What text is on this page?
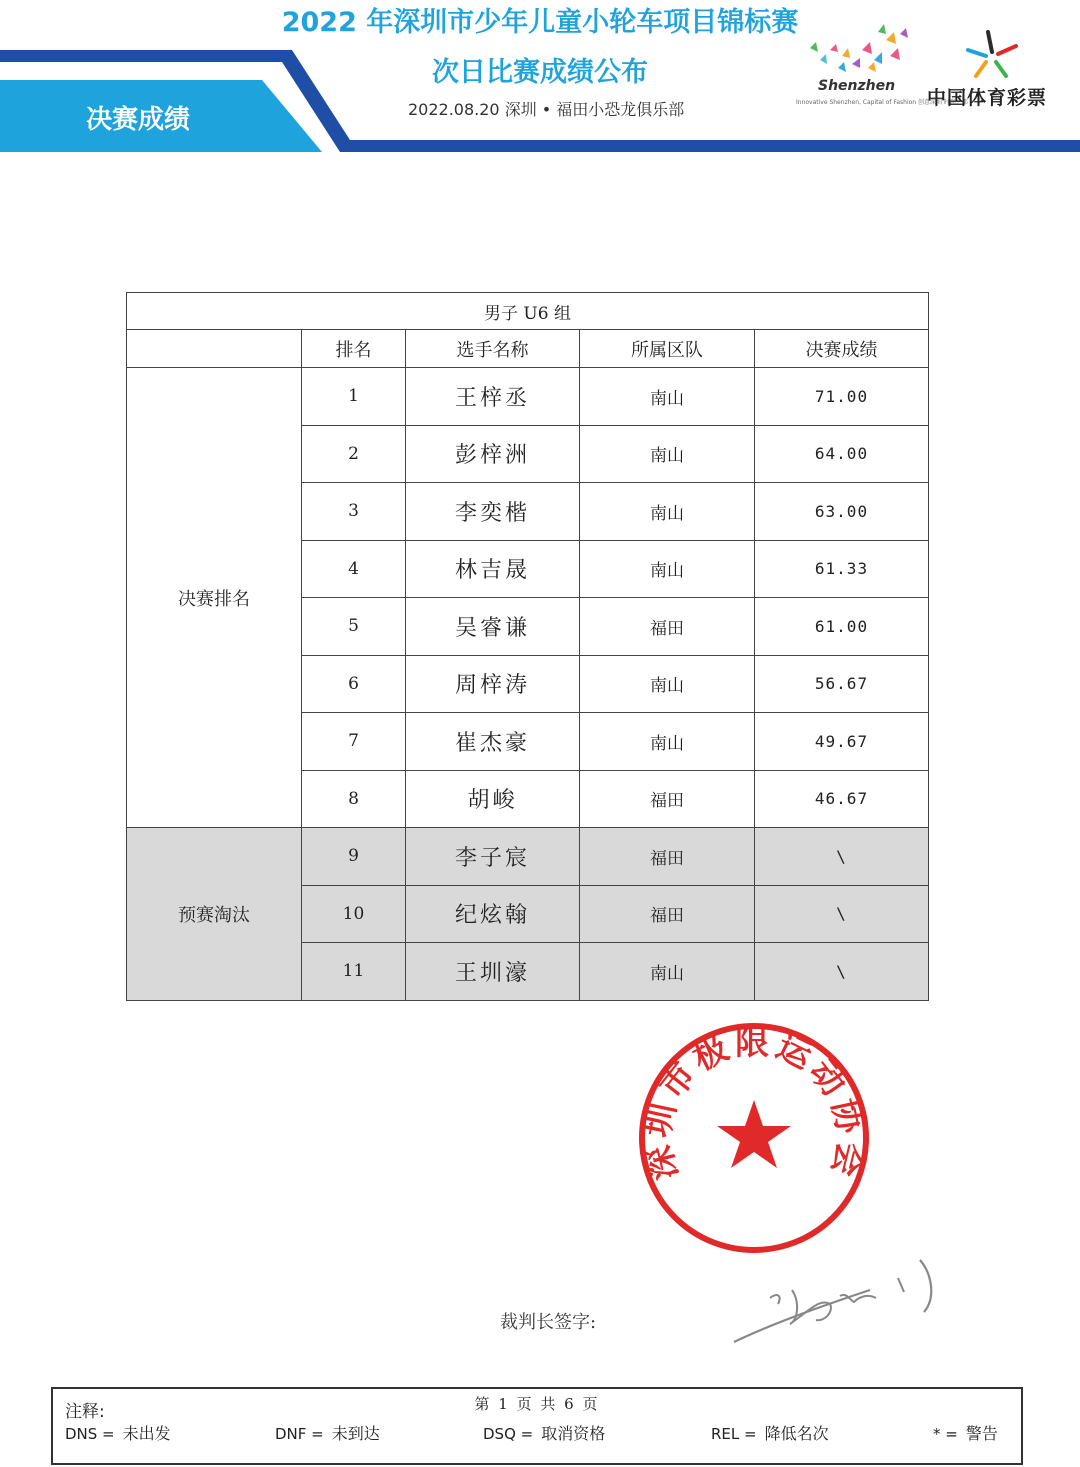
2022 年深圳市少年儿童小轮车项目锦标赛
次日比赛成绩公布
2022.08.20 深圳 • 福田小恐龙俱乐部
决赛成绩
Shenzhen
Innovative Shenzhen, Capital of Fashion 创意深圳 时尚之都
中国体育彩票
男子 U6 组				
	排名	选手名称	所属区队	决赛成绩
决赛排名	1	王梓丞	南山	71.00
	2	彭梓洲	南山	64.00
	3	李奕楷	南山	63.00
	4	林吉晟	南山	61.33
	5	吴睿谦	福田	61.00
	6	周梓涛	南山	56.67
	7	崔杰豪	南山	49.67
	8	胡峻	福田	46.67
预赛淘汰	9	李子宸	福田	\
	10	纪炫翰	福田	\
	11	王圳濠	南山	\
深圳市极限运动协会
裁判长签字:
注释:	第 1 页 共 6 页
DNS = 未出发	DNF = 未到达	DSQ = 取消资格	REL = 降低名次	* = 警告
